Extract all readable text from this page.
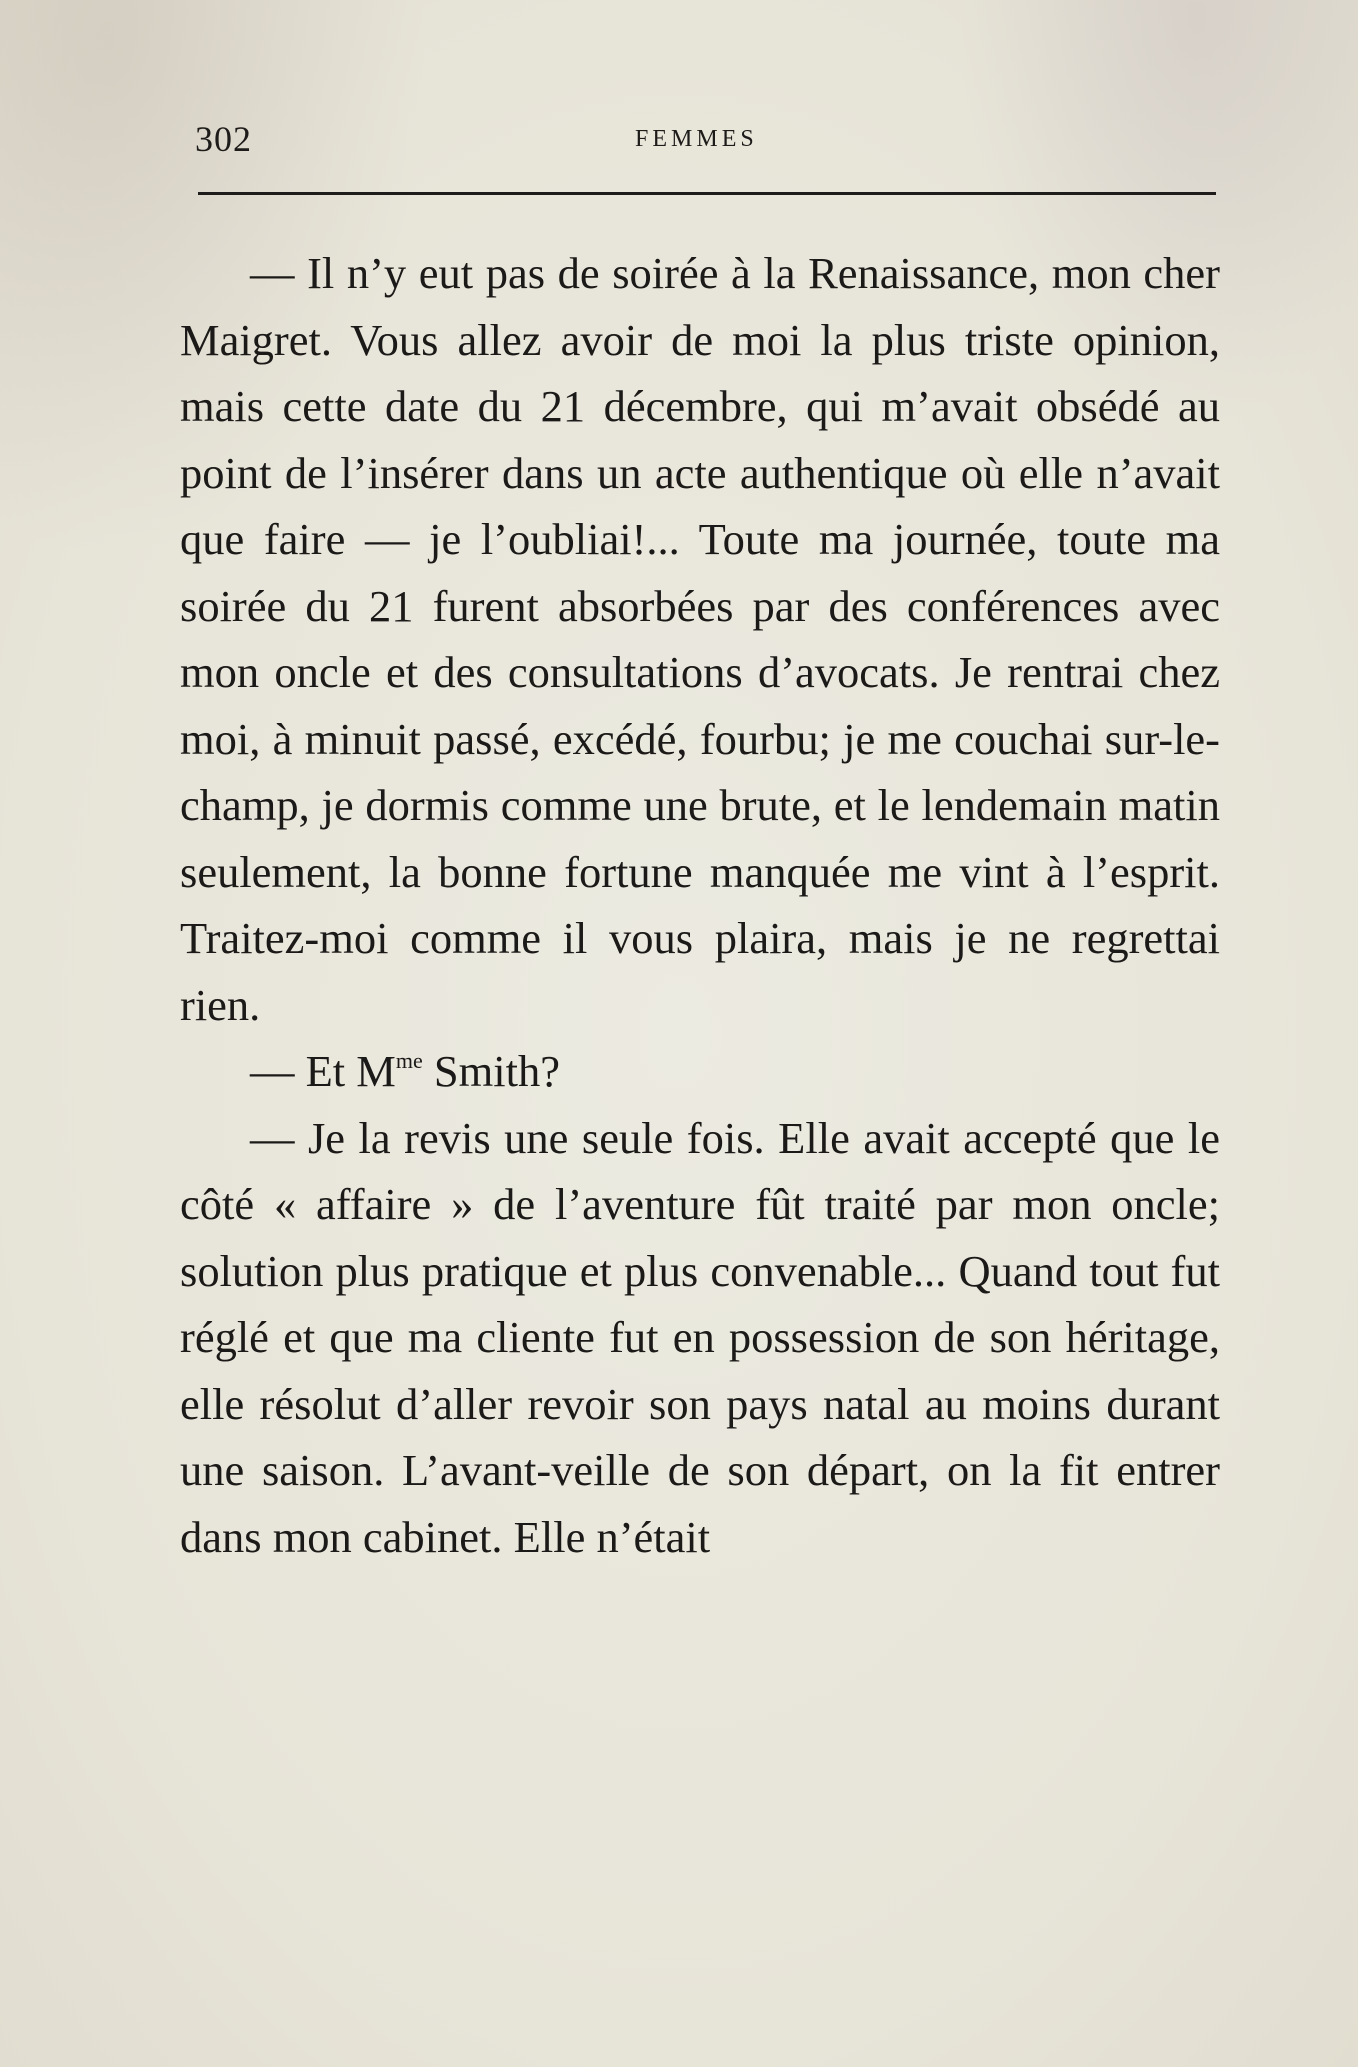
302	FEMMES

— Il n’y eut pas de soirée à la Renaissance, mon cher Maigret. Vous allez avoir de moi la plus triste opinion, mais cette date du 21 décembre, qui m’avait obsédé au point de l’insérer dans un acte authentique où elle n’avait que faire — je l’oubliai!... Toute ma journée, toute ma soirée du 21 furent absorbées par des conférences avec mon oncle et des consultations d’avocats. Je rentrai chez moi, à minuit passé, excédé, fourbu; je me couchai sur-le-champ, je dormis comme une brute, et le lendemain matin seulement, la bonne fortune manquée me vint à l’esprit. Traitez-moi comme il vous plaira, mais je ne regrettai rien.

— Et $M^{me}$ Smith?

— Je la revis une seule fois. Elle avait accepté que le côté « affaire » de l’aventure fût traité par mon oncle; solution plus pratique et plus convenable... Quand tout fut réglé et que ma cliente fut en possession de son héritage, elle résolut d’aller revoir son pays natal au moins durant une saison. L’avant-veille de son départ, on la fit entrer dans mon cabinet. Elle n’était
